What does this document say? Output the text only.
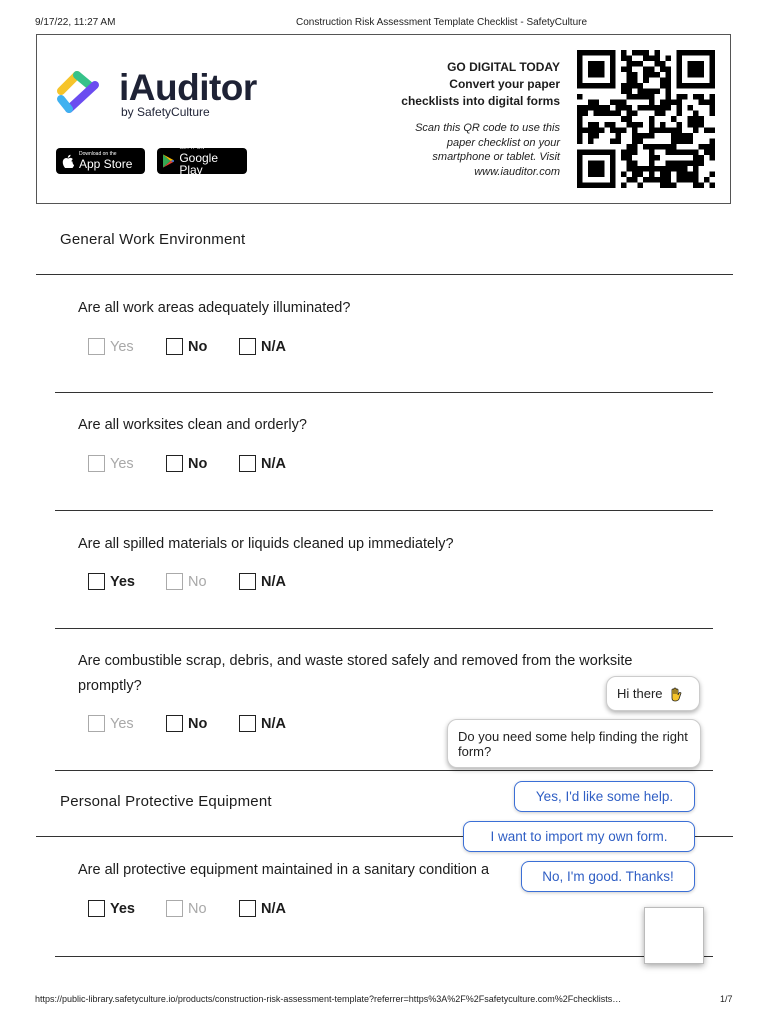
9/17/22, 11:27 AM	Construction Risk Assessment Template Checklist - SafetyCulture
iAuditor
by SafetyCulture
Download on the
App Store
GET IT ON
Google Play
GO DIGITAL TODAY
Convert your paper
checklists into digital forms
Scan this QR code to use this
paper checklist on your
smartphone or tablet. Visit
www.iauditor.com
General Work Environment
Are all work areas adequately illuminated?
Yes	No	N/A
Are all worksites clean and orderly?
Yes	No	N/A
Are all spilled materials or liquids cleaned up immediately?
Yes	No	N/A
Are combustible scrap, debris, and waste stored safely and removed from the worksite promptly?
Yes	No	N/A
Personal Protective Equipment
Are all protective equipment maintained in a sanitary condition a
Yes	No	N/A
Hi there
Do you need some help finding the right form?
Yes, I'd like some help.
I want to import my own form.
No, I'm good. Thanks!
https://public-library.safetyculture.io/products/construction-risk-assessment-template?referrer=https%3A%2F%2Fsafetyculture.com%2Fchecklists…	1/7
